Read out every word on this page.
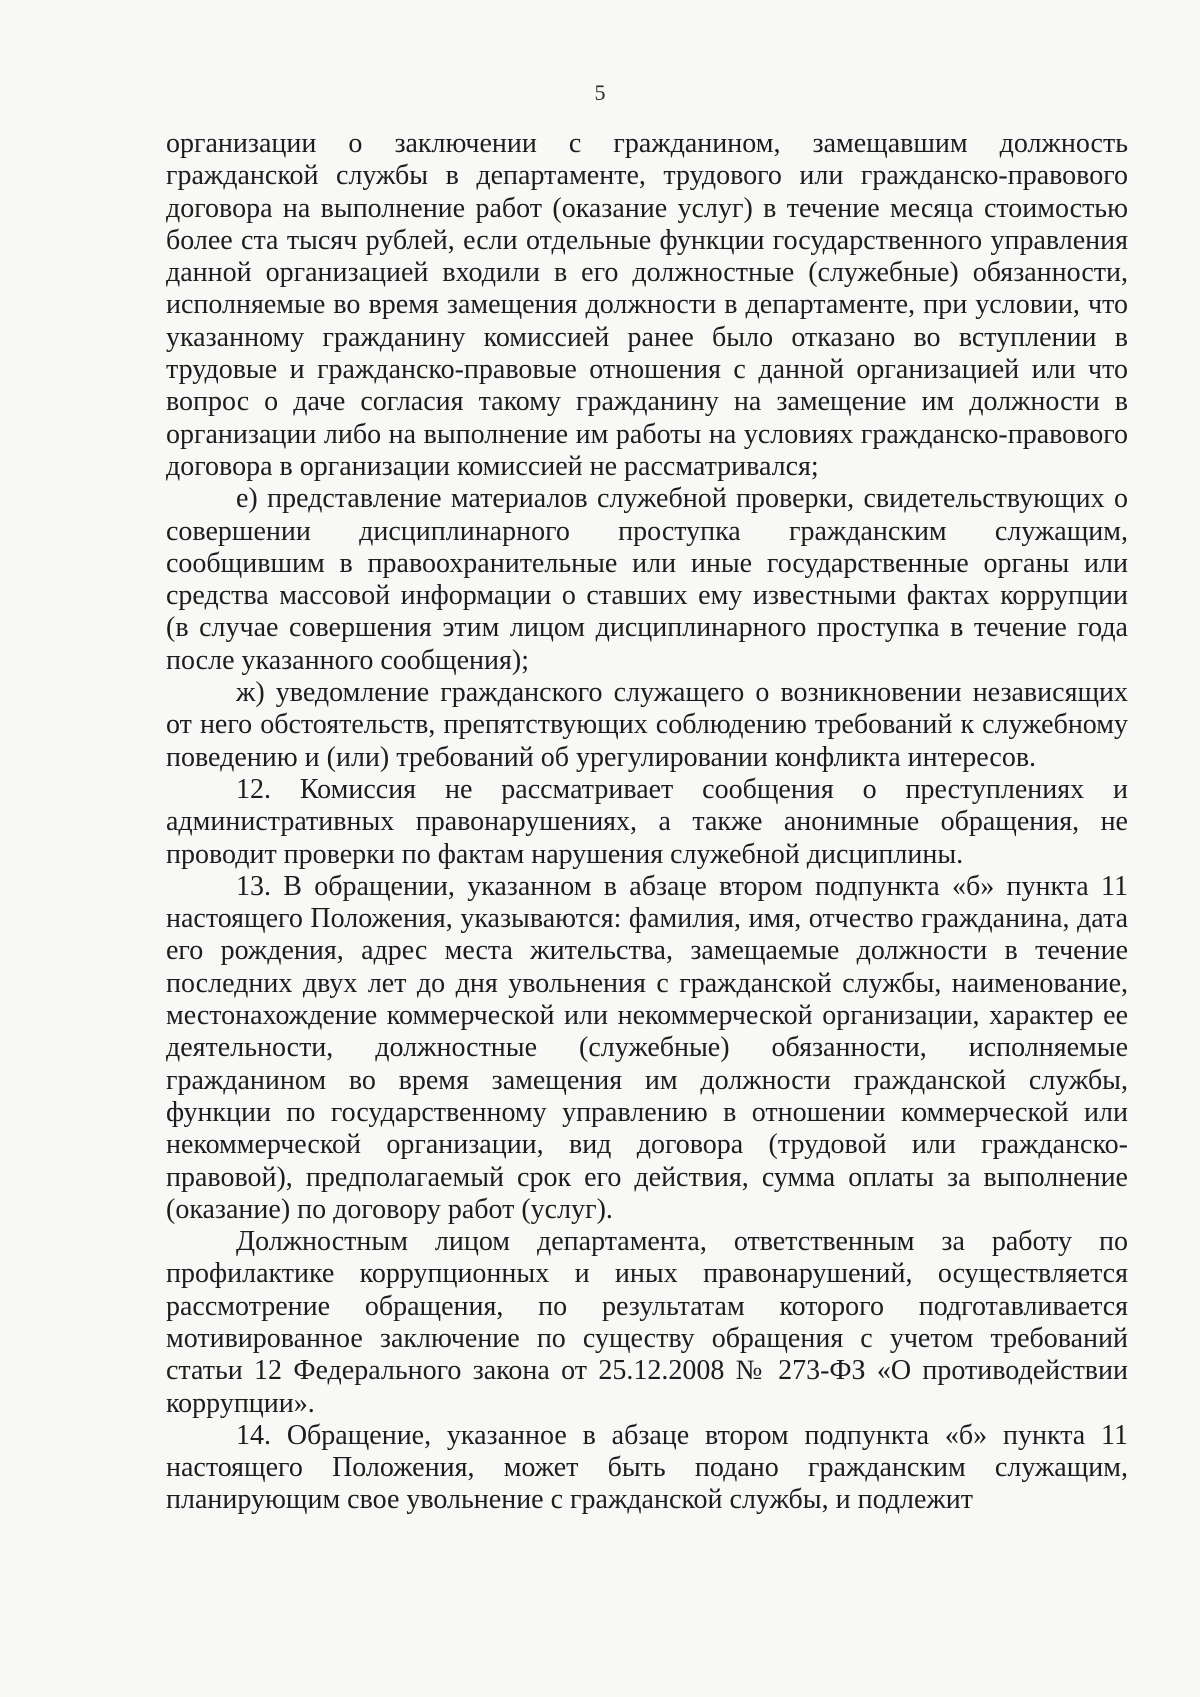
5

организации о заключении с гражданином, замещавшим должность гражданской службы в департаменте, трудового или гражданско-правового договора на выполнение работ (оказание услуг) в течение месяца стоимостью более ста тысяч рублей, если отдельные функции государственного управления данной организацией входили в его должностные (служебные) обязанности, исполняемые во время замещения должности в департаменте, при условии, что указанному гражданину комиссией ранее было отказано во вступлении в трудовые и гражданско-правовые отношения с данной организацией или что вопрос о даче согласия такому гражданину на замещение им должности в организации либо на выполнение им работы на условиях гражданско-правового договора в организации комиссией не рассматривался;

е) представление материалов служебной проверки, свидетельствующих о совершении дисциплинарного проступка гражданским служащим, сообщившим в правоохранительные или иные государственные органы или средства массовой информации о ставших ему известными фактах коррупции (в случае совершения этим лицом дисциплинарного проступка в течение года после указанного сообщения);

ж) уведомление гражданского служащего о возникновении независящих от него обстоятельств, препятствующих соблюдению требований к служебному поведению и (или) требований об урегулировании конфликта интересов.

12. Комиссия не рассматривает сообщения о преступлениях и административных правонарушениях, а также анонимные обращения, не проводит проверки по фактам нарушения служебной дисциплины.

13. В обращении, указанном в абзаце втором подпункта «б» пункта 11 настоящего Положения, указываются: фамилия, имя, отчество гражданина, дата его рождения, адрес места жительства, замещаемые должности в течение последних двух лет до дня увольнения с гражданской службы, наименование, местонахождение коммерческой или некоммерческой организации, характер ее деятельности, должностные (служебные) обязанности, исполняемые гражданином во время замещения им должности гражданской службы, функции по государственному управлению в отношении коммерческой или некоммерческой организации, вид договора (трудовой или гражданско-правовой), предполагаемый срок его действия, сумма оплаты за выполнение (оказание) по договору работ (услуг).

Должностным лицом департамента, ответственным за работу по профилактике коррупционных и иных правонарушений, осуществляется рассмотрение обращения, по результатам которого подготавливается мотивированное заключение по существу обращения с учетом требований статьи 12 Федерального закона от 25.12.2008 № 273-ФЗ «О противодействии коррупции».

14. Обращение, указанное в абзаце втором подпункта «б» пункта 11 настоящего Положения, может быть подано гражданским служащим, планирующим свое увольнение с гражданской службы, и подлежит
